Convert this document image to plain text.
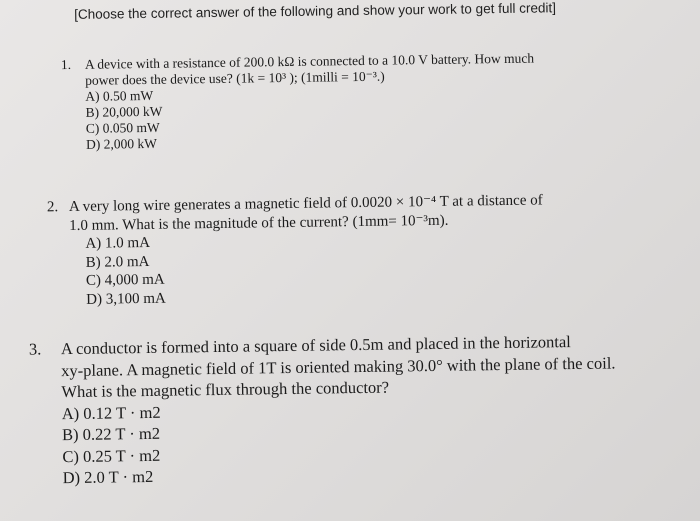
[Choose the correct answer of the following and show your work to get full credit]
1. A device with a resistance of 200.0 kΩ is connected to a 10.0 V battery. How much
power does the device use? (1k = 10³ ); (1milli = 10⁻³.)
A) 0.50 mW
B) 20,000 kW
C) 0.050 mW
D) 2,000 kW
2. A very long wire generates a magnetic field of 0.0020 × 10⁻⁴ T at a distance of
1.0 mm. What is the magnitude of the current? (1mm= 10⁻³m).
A) 1.0 mA
B) 2.0 mA
C) 4,000 mA
D) 3,100 mA
3. A conductor is formed into a square of side 0.5m and placed in the horizontal
xy-plane. A magnetic field of 1T is oriented making 30.0° with the plane of the coil.
What is the magnetic flux through the conductor?
A) 0.12 T · m2
B) 0.22 T · m2
C) 0.25 T · m2
D) 2.0 T · m2
